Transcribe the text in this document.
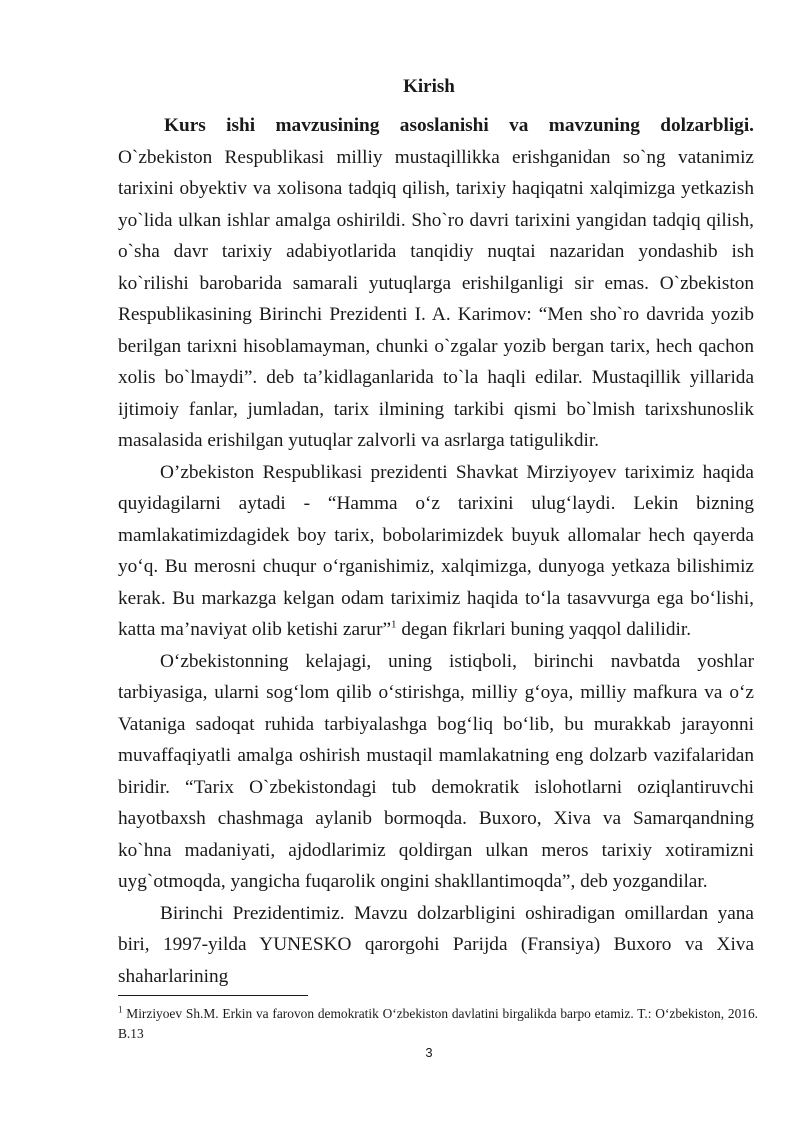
Kirish

Kurs ishi mavzusining asoslanishi va mavzuning dolzarbligi. O`zbekiston Respublikasi milliy mustaqillikka erishganidan so`ng vatanimiz tarixini obyektiv va xolisona tadqiq qilish, tarixiy haqiqatni xalqimizga yetkazish yo`lida ulkan ishlar amalga oshirildi. Sho`ro davri tarixini yangidan tadqiq qilish, o`sha davr tarixiy adabiyotlarida tanqidiy nuqtai nazaridan yondashib ish ko`rilishi barobarida samarali yutuqlarga erishilganligi sir emas. O`zbekiston Respublikasining Birinchi Prezidenti I. A. Karimov: “Men sho`ro davrida yozib berilgan tarixni hisoblamayman, chunki o`zgalar yozib bergan tarix, hech qachon xolis bo`lmaydi”. deb ta’kidlaganlarida to`la haqli edilar. Mustaqillik yillarida ijtimoiy fanlar, jumladan, tarix ilmining tarkibi qismi bo`lmish tarixshunoslik masalasida erishilgan yutuqlar zalvorli va asrlarga tatigulikdir.

O’zbekiston Respublikasi prezidenti Shavkat Mirziyoyev tariximiz haqida quyidagilarni aytadi - “Hamma o‘z tarixini ulug‘laydi. Lekin bizning mamlakatimizdagidek boy tarix, bobolarimizdek buyuk allomalar hech qayerda yo‘q. Bu merosni chuqur o‘rganishimiz, xalqimizga, dunyoga yetkaza bilishimiz kerak. Bu markazga kelgan odam tariximiz haqida to‘la tasavvurga ega bo‘lishi, katta ma’naviyat olib ketishi zarur”$^1$ degan fikrlari buning yaqqol dalilidir.

O‘zbekistonning kelajagi, uning istiqboli, birinchi navbatda yoshlar tarbiyasiga, ularni sog‘lom qilib o‘stirishga, milliy g‘oya, milliy mafkura va o‘z Vataniga sadoqat ruhida tarbiyalashga bog‘liq bo‘lib, bu murakkab jarayonni muvaffaqiyatli amalga oshirish mustaqil mamlakatning eng dolzarb vazifalaridan biridir. “Tarix O`zbekistondagi tub demokratik islohotlarni oziqlantiruvchi hayotbaxsh chashmaga aylanib bormoqda. Buxoro, Xiva va Samarqandning ko`hna madaniyati, ajdodlarimiz qoldirgan ulkan meros tarixiy xotiramizni uyg`otmoqda, yangicha fuqarolik ongini shakllantimoqda”, deb yozgandilar.

Birinchi Prezidentimiz. Mavzu dolzarbligini oshiradigan omillardan yana biri, 1997-yilda YUNESKO qarorgohi Parijda (Fransiya) Buxoro va Xiva shaharlarining

$^1$ Mirziyoev Sh.M. Erkin va farovon demokratik O‘zbekiston davlatini birgalikda barpo etamiz. T.: O‘zbekiston, 2016. B.13
3
